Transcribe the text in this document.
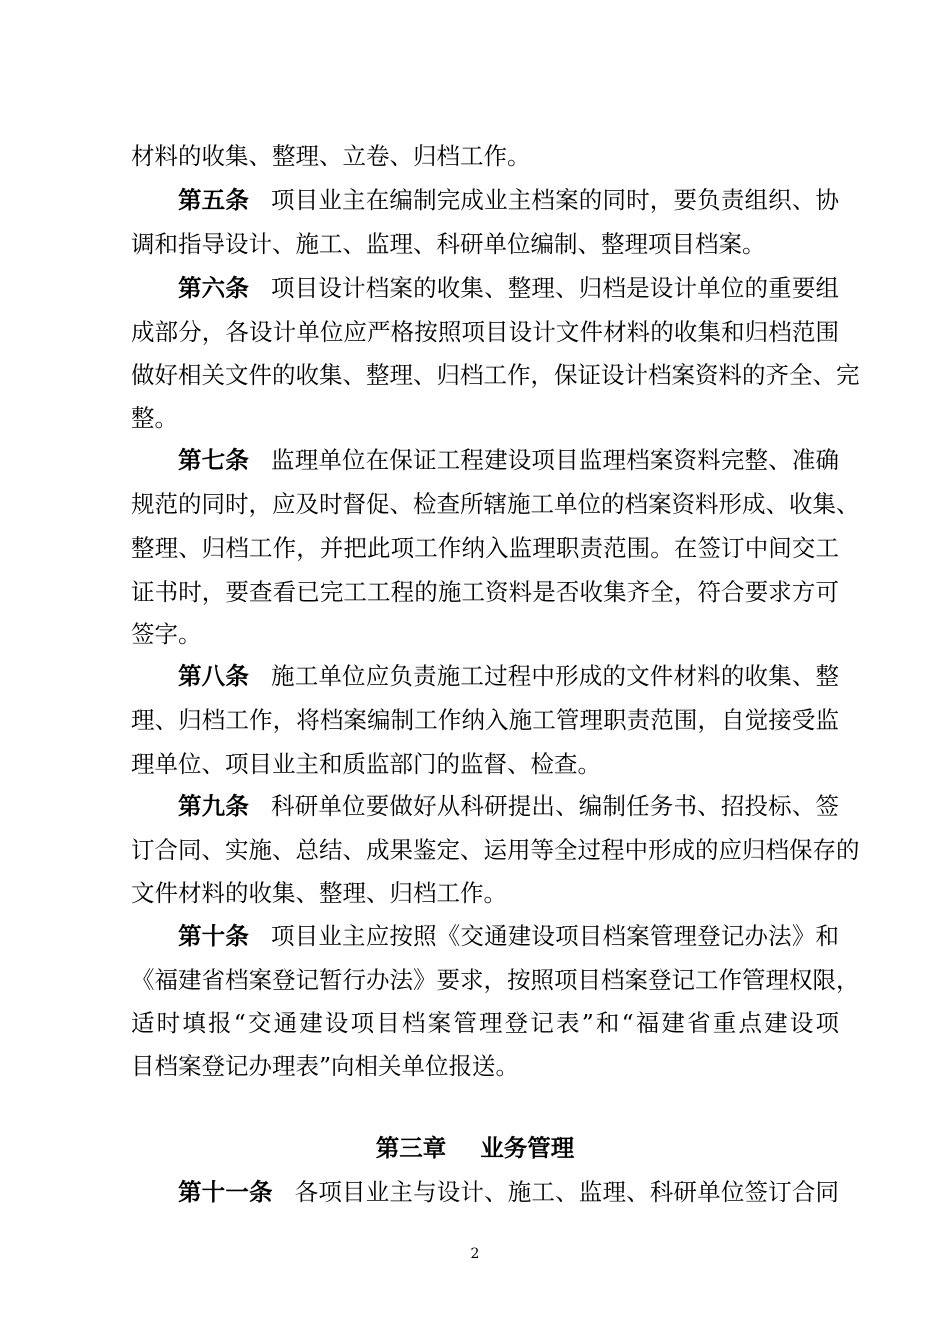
材料的收集、整理、立卷、归档工作。
第五条 项目业主在编制完成业主档案的同时，要负责组织、协
调和指导设计、施工、监理、科研单位编制、整理项目档案。
第六条 项目设计档案的收集、整理、归档是设计单位的重要组
成部分，各设计单位应严格按照项目设计文件材料的收集和归档范围
做好相关文件的收集、整理、归档工作，保证设计档案资料的齐全、完
整。
第七条 监理单位在保证工程建设项目监理档案资料完整、准确
规范的同时，应及时督促、检查所辖施工单位的档案资料形成、收集、
整理、归档工作，并把此项工作纳入监理职责范围。在签订中间交工
证书时，要查看已完工工程的施工资料是否收集齐全，符合要求方可
签字。
第八条 施工单位应负责施工过程中形成的文件材料的收集、整
理、归档工作，将档案编制工作纳入施工管理职责范围，自觉接受监
理单位、项目业主和质监部门的监督、检查。
第九条 科研单位要做好从科研提出、编制任务书、招投标、签
订合同、实施、总结、成果鉴定、运用等全过程中形成的应归档保存的
文件材料的收集、整理、归档工作。
第十条 项目业主应按照《交通建设项目档案管理登记办法》和
《福建省档案登记暂行办法》要求，按照项目档案登记工作管理权限，
适时填报“交通建设项目档案管理登记表”和“福建省重点建设项
目档案登记办理表”向相关单位报送。
第三章 业务管理
第十一条 各项目业主与设计、施工、监理、科研单位签订合同
2
